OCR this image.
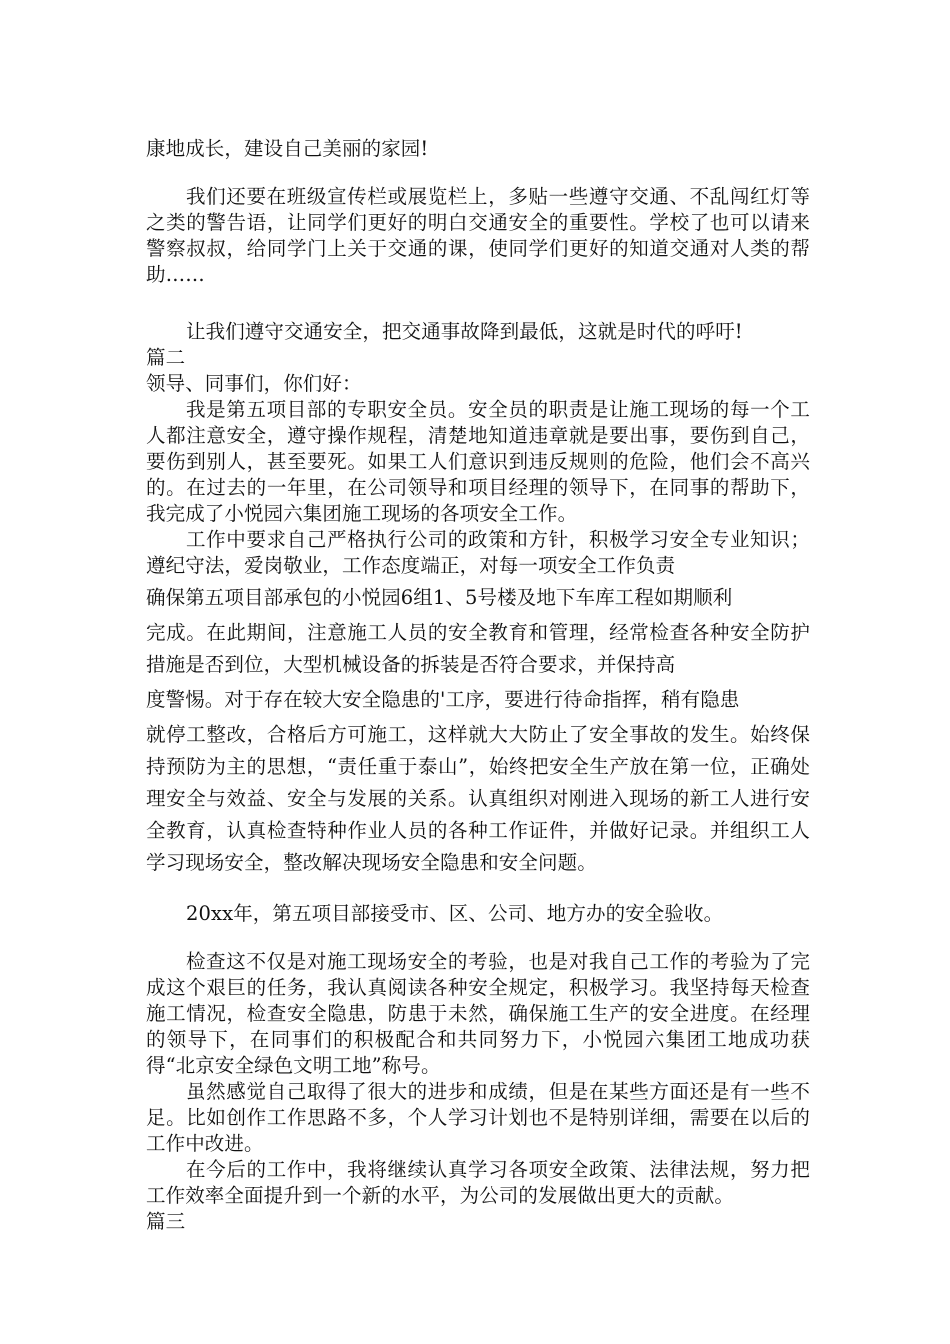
康地成长，建设自己美丽的家园!

我们还要在班级宣传栏或展览栏上，多贴一些遵守交通、不乱闯红灯等之类的警告语，让同学们更好的明白交通安全的重要性。学校了也可以请来警察叔叔，给同学门上关于交通的课，使同学们更好的知道交通对人类的帮助……

让我们遵守交通安全，把交通事故降到最低，这就是时代的呼吁!

篇二

领导、同事们，你们好：

我是第五项目部的专职安全员。安全员的职责是让施工现场的每一个工人都注意安全，遵守操作规程，清楚地知道违章就是要出事，要伤到自己，要伤到别人，甚至要死。如果工人们意识到违反规则的危险，他们会不高兴的。在过去的一年里，在公司领导和项目经理的领导下，在同事的帮助下，我完成了小悦园六集团施工现场的各项安全工作。

工作中要求自己严格执行公司的政策和方针，积极学习安全专业知识；遵纪守法，爱岗敬业，工作态度端正，对每一项安全工作负责

确保第五项目部承包的小悦园6组1、5号楼及地下车库工程如期顺利

完成。在此期间，注意施工人员的安全教育和管理，经常检查各种安全防护措施是否到位，大型机械设备的拆装是否符合要求，并保持高

度警惕。对于存在较大安全隐患的'工序，要进行待命指挥，稍有隐患

就停工整改，合格后方可施工，这样就大大防止了安全事故的发生。始终保持预防为主的思想，“责任重于泰山”，始终把安全生产放在第一位，正确处理安全与效益、安全与发展的关系。认真组织对刚进入现场的新工人进行安全教育，认真检查特种作业人员的各种工作证件，并做好记录。并组织工人学习现场安全，整改解决现场安全隐患和安全问题。

20xx年，第五项目部接受市、区、公司、地方办的安全验收。

检查这不仅是对施工现场安全的考验，也是对我自己工作的考验为了完成这个艰巨的任务，我认真阅读各种安全规定，积极学习。我坚持每天检查施工情况，检查安全隐患，防患于未然，确保施工生产的安全进度。在经理的领导下，在同事们的积极配合和共同努力下，小悦园六集团工地成功获得“北京安全绿色文明工地”称号。

虽然感觉自己取得了很大的进步和成绩，但是在某些方面还是有一些不足。比如创作工作思路不多，个人学习计划也不是特别详细，需要在以后的工作中改进。

在今后的工作中，我将继续认真学习各项安全政策、法律法规，努力把工作效率全面提升到一个新的水平，为公司的发展做出更大的贡献。

篇三
